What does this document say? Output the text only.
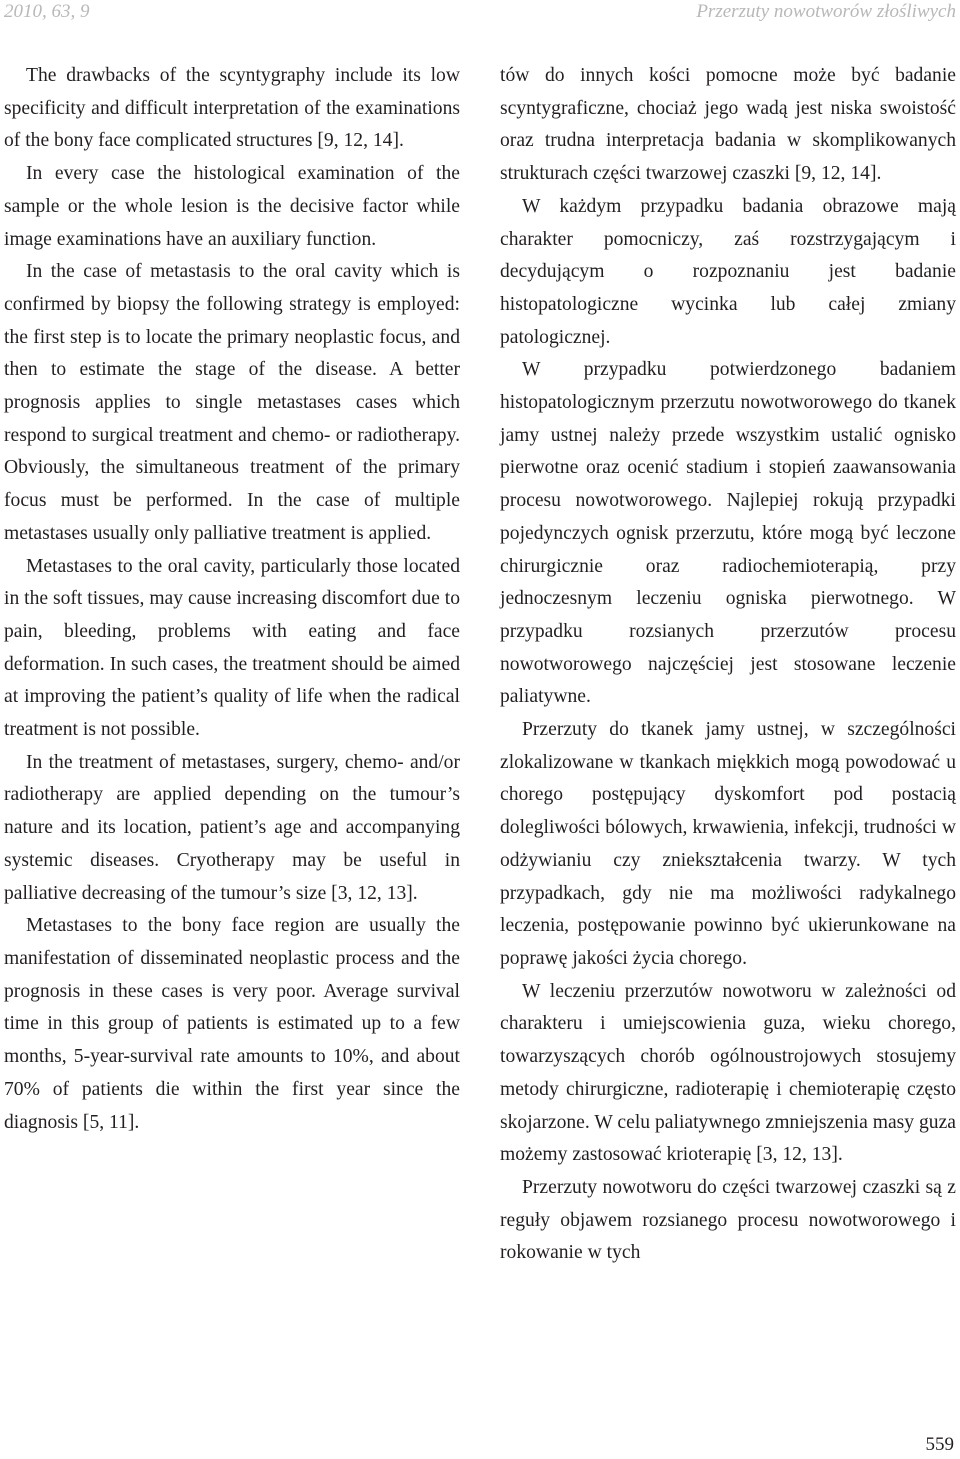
2010, 63, 9	Przerzuty nowotworów złośliwych

The drawbacks of the scyntygraphy include its low specificity and difficult interpretation of the examinations of the bony face complicated structures [9, 12, 14].

In every case the histological examination of the sample or the whole lesion is the decisive factor while image examinations have an auxiliary function.

In the case of metastasis to the oral cavity which is confirmed by biopsy the following strategy is employed: the first step is to locate the primary neoplastic focus, and then to estimate the stage of the disease. A better prognosis applies to single metastases cases which respond to surgical treatment and chemo- or radiotherapy. Obviously, the simultaneous treatment of the primary focus must be performed. In the case of multiple metastases usually only palliative treatment is applied.

Metastases to the oral cavity, particularly those located in the soft tissues, may cause increasing discomfort due to pain, bleeding, problems with eating and face deformation. In such cases, the treatment should be aimed at improving the patient’s quality of life when the radical treatment is not possible.

In the treatment of metastases, surgery, chemo- and/or radiotherapy are applied depending on the tumour’s nature and its location, patient’s age and accompanying systemic diseases. Cryotherapy may be useful in palliative decreasing of the tumour’s size [3, 12, 13].

Metastases to the bony face region are usually the manifestation of disseminated neoplastic process and the prognosis in these cases is very poor. Average survival time in this group of patients is estimated up to a few months, 5-year-survival rate amounts to 10%, and about 70% of patients die within the first year since the diagnosis [5, 11].

tów do innych kości pomocne może być badanie scyntygraficzne, chociaż jego wadą jest niska swoistość oraz trudna interpretacja badania w skomplikowanych strukturach części twarzowej czaszki [9, 12, 14].

W każdym przypadku badania obrazowe mają charakter pomocniczy, zaś rozstrzygającym i decydującym o rozpoznaniu jest badanie histopatologiczne wycinka lub całej zmiany patologicznej.

W przypadku potwierdzonego badaniem histopatologicznym przerzutu nowotworowego do tkanek jamy ustnej należy przede wszystkim ustalić ognisko pierwotne oraz ocenić stadium i stopień zaawansowania procesu nowotworowego. Najlepiej rokują przypadki pojedynczych ognisk przerzutu, które mogą być leczone chirurgicznie oraz radiochemioterapią, przy jednoczesnym leczeniu ogniska pierwotnego. W przypadku rozsianych przerzutów procesu nowotworowego najczęściej jest stosowane leczenie paliatywne.

Przerzuty do tkanek jamy ustnej, w szczególności zlokalizowane w tkankach miękkich mogą powodować u chorego postępujący dyskomfort pod postacią dolegliwości bólowych, krwawienia, infekcji, trudności w odżywianiu czy zniekształcenia twarzy. W tych przypadkach, gdy nie ma możliwości radykalnego leczenia, postępowanie powinno być ukierunkowane na poprawę jakości życia chorego.

W leczeniu przerzutów nowotworu w zależności od charakteru i umiejscowienia guza, wieku chorego, towarzyszących chorób ogólnoustrojowych stosujemy metody chirurgiczne, radioterapię i chemioterapię często skojarzone. W celu paliatywnego zmniejszenia masy guza możemy zastosować krioterapię [3, 12, 13].

Przerzuty nowotworu do części twarzowej czaszki są z reguły objawem rozsianego procesu nowotworowego i rokowanie w tych

559
